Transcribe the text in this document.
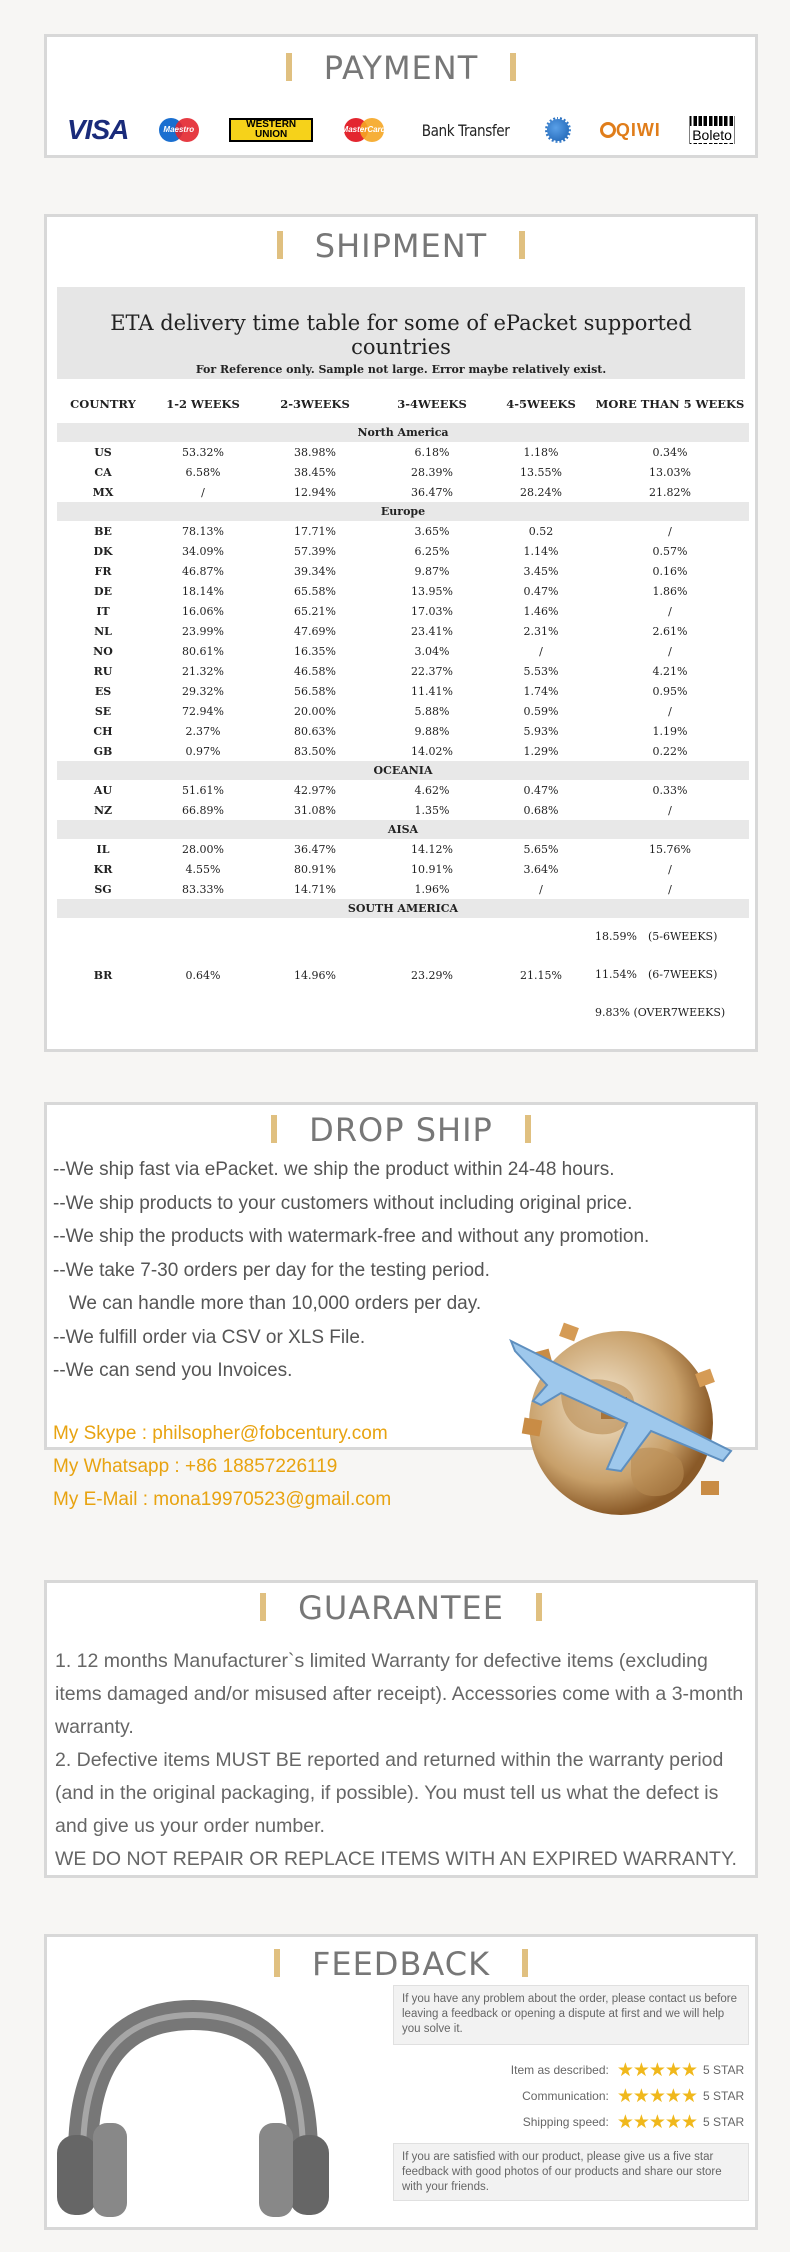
PAYMENT
VISA	Maestro	WESTERN
UNION	MasterCard Bank Transfer	QIWI Boleto
SHIPMENT
ETA delivery time table for some of ePacket supported countries
For Reference only. Sample not large. Error maybe relatively exist.
COUNTRY	1-2 WEEKS	2-3WEEKS	3-4WEEKS	4-5WEEKS	MORE THAN 5 WEEKS
North America					
US	53.32%	38.98%	6.18%	1.18%	0.34%
CA	6.58%	38.45%	28.39%	13.55%	13.03%
MX	/	12.94%	36.47%	28.24%	21.82%
Europe					
BE	78.13%	17.71%	3.65%	0.52	/
DK	34.09%	57.39%	6.25%	1.14%	0.57%
FR	46.87%	39.34%	9.87%	3.45%	0.16%
DE	18.14%	65.58%	13.95%	0.47%	1.86%
IT	16.06%	65.21%	17.03%	1.46%	/
NL	23.99%	47.69%	23.41%	2.31%	2.61%
NO	80.61%	16.35%	3.04%	/	/
RU	21.32%	46.58%	22.37%	5.53%	4.21%
ES	29.32%	56.58%	11.41%	1.74%	0.95%
SE	72.94%	20.00%	5.88%	0.59%	/
CH	2.37%	80.63%	9.88%	5.93%	1.19%
GB	0.97%	83.50%	14.02%	1.29%	0.22%
OCEANIA					
AU	51.61%	42.97%	4.62%	0.47%	0.33%
NZ	66.89%	31.08%	1.35%	0.68%	/
AISA					
IL	28.00%	36.47%	14.12%	5.65%	15.76%
KR	4.55%	80.91%	10.91%	3.64%	/
SG	83.33%	14.71%	1.96%	/	/
SOUTH AMERICA					
BR	0.64%	14.96%	23.29%	21.15%	18.59%　(5-6WEEKS)
11.54%　(6-7WEEKS)
9.83% (OVER7WEEKS)
DROP SHIP
--We ship fast via ePacket. we ship the product within 24-48 hours.
--We ship products to your customers without including original price.
--We ship the products with watermark-free and without any promotion.
--We take 7-30 orders per day for the testing period.
We can handle more than 10,000 orders per day.
--We fulfill order via CSV or XLS File.
--We can send you Invoices.
My Skype : philsopher@fobcentury.com
My Whatsapp : +86 18857226119
My E-Mail : mona19970523@gmail.com
GUARANTEE
1. 12 months Manufacturer`s limited Warranty for defective items (excluding items damaged and/or misused after receipt). Accessories come with a 3-month warranty.
2. Defective items MUST BE reported and returned within the warranty period (and in the original packaging, if possible). You must tell us what the defect is and give us your order number.
WE DO NOT REPAIR OR REPLACE ITEMS WITH AN EXPIRED WARRANTY.
FEEDBACK
If you have any problem about the order, please contact us before leaving a feedback or opening a dispute at first and we will help you solve it.
Item as described: ★★★★★ 5 STAR
Communication: ★★★★★ 5 STAR
Shipping speed: ★★★★★ 5 STAR
If you are satisfied with our product, please give us a five star feedback with good photos of our products and share our store with your friends.
